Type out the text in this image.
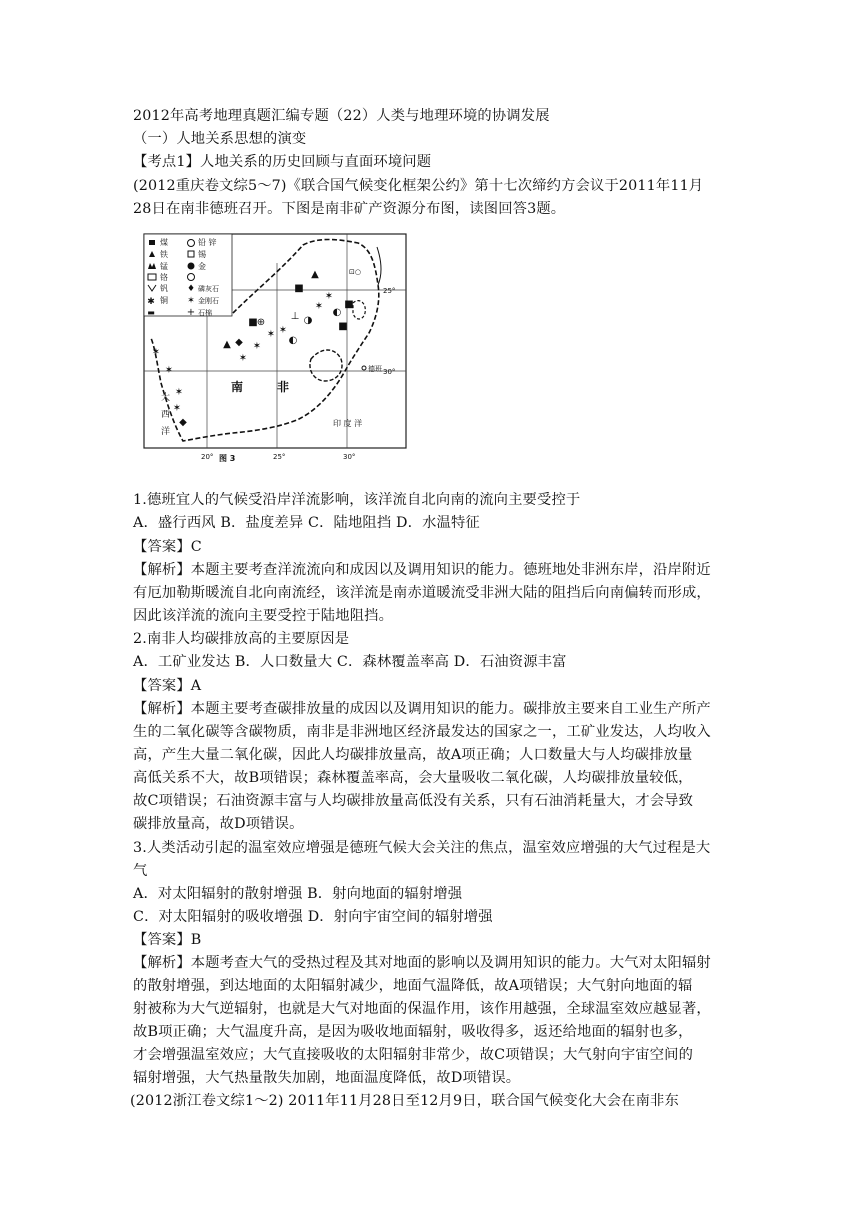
2012年高考地理真题汇编专题（22）人类与地理环境的协调发展
（一）人地关系思想的演变
【考点1】人地关系的历史回顾与直面环境问题
(2012重庆卷文综5～7)《联合国气候变化框架公约》第十七次缔约方会议于2011年11月
28日在南非德班召开。下图是南非矿产资源分布图，读图回答3题。
✱
▬
♦
✶
+
煤
铁
锰
铬
钒
铜
铅 锌
锡
金
磷灰石
金刚石
石棉
▲
✶
✶
◐
◑
■
⊥
✶
✶
◐
✶
✶
◆
▲
■ ⊕
■
■
✶
✶
✶
✶
◆
⊡○
德班
南	非
大
西
洋
印 度 洋
25°
30°
20°	25°	30°
图 3
1.德班宜人的气候受沿岸洋流影响，该洋流自北向南的流向主要受控于
A．盛行西风 B．盐度差异 C．陆地阻挡 D．水温特征
【答案】C
【解析】本题主要考查洋流流向和成因以及调用知识的能力。德班地处非洲东岸，沿岸附近
有厄加勒斯暖流自北向南流经，该洋流是南赤道暖流受非洲大陆的阻挡后向南偏转而形成，
因此该洋流的流向主要受控于陆地阻挡。
2.南非人均碳排放高的主要原因是
A．工矿业发达 B．人口数量大 C．森林覆盖率高 D．石油资源丰富
【答案】A
【解析】本题主要考查碳排放量的成因以及调用知识的能力。碳排放主要来自工业生产所产
生的二氧化碳等含碳物质，南非是非洲地区经济最发达的国家之一，工矿业发达，人均收入
高，产生大量二氧化碳，因此人均碳排放量高，故A项正确；人口数量大与人均碳排放量
高低关系不大，故B项错误；森林覆盖率高，会大量吸收二氧化碳，人均碳排放量较低，
故C项错误；石油资源丰富与人均碳排放量高低没有关系，只有石油消耗量大，才会导致
碳排放量高，故D项错误。
3.人类活动引起的温室效应增强是德班气候大会关注的焦点，温室效应增强的大气过程是大
气
A．对太阳辐射的散射增强 B．射向地面的辐射增强
C．对太阳辐射的吸收增强 D．射向宇宙空间的辐射增强
【答案】B
【解析】本题考查大气的受热过程及其对地面的影响以及调用知识的能力。大气对太阳辐射
的散射增强，到达地面的太阳辐射减少，地面气温降低，故A项错误；大气射向地面的辐
射被称为大气逆辐射，也就是大气对地面的保温作用，该作用越强，全球温室效应越显著，
故B项正确；大气温度升高，是因为吸收地面辐射，吸收得多，返还给地面的辐射也多，
才会增强温室效应；大气直接吸收的太阳辐射非常少，故C项错误；大气射向宇宙空间的
辐射增强，大气热量散失加剧，地面温度降低，故D项错误。
(2012浙江卷文综1～2) 2011年11月28日至12月9日，联合国气候变化大会在南非东
